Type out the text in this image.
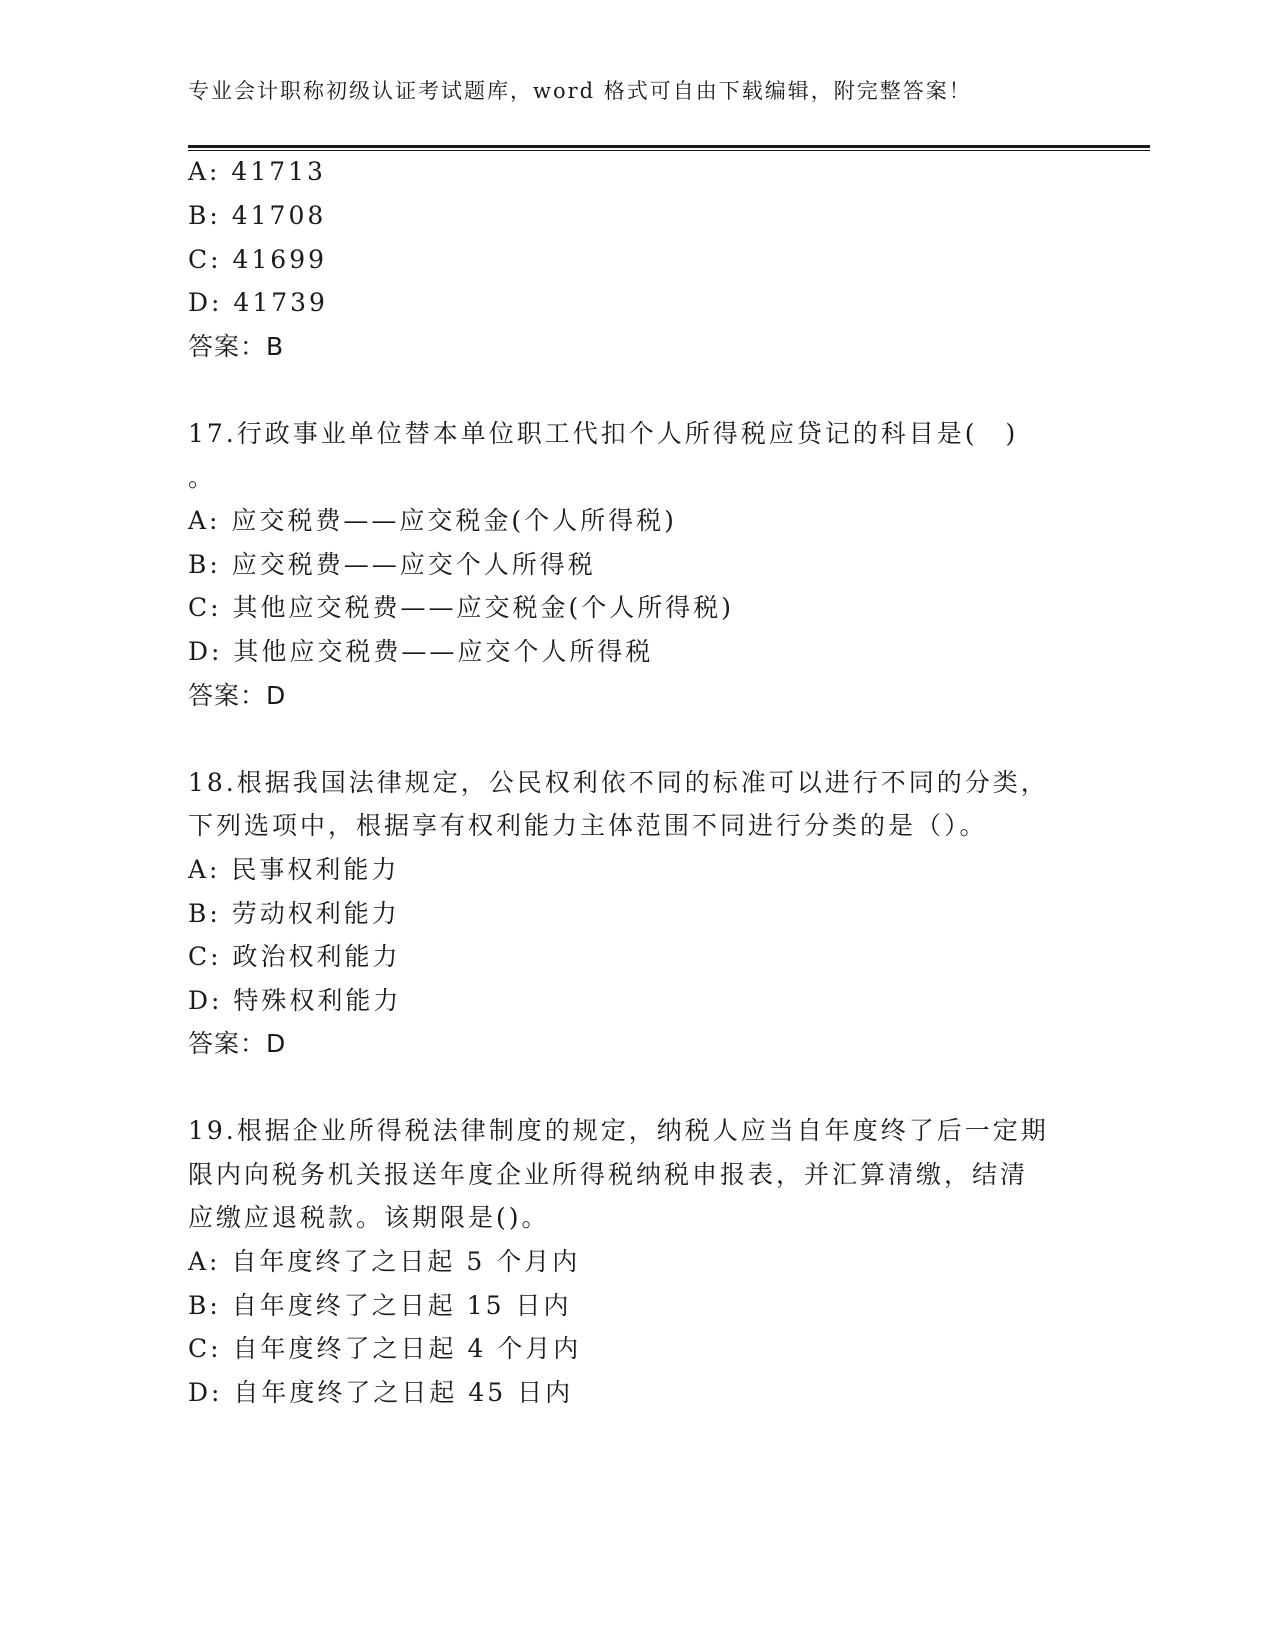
专业会计职称初级认证考试题库，word 格式可自由下载编辑，附完整答案！
A: 41713
B: 41708
C: 41699
D: 41739
答案：B
17.行政事业单位替本单位职工代扣个人所得税应贷记的科目是(　)
。
A: 应交税费——应交税金(个人所得税)
B: 应交税费——应交个人所得税
C: 其他应交税费——应交税金(个人所得税)
D: 其他应交税费——应交个人所得税
答案：D
18.根据我国法律规定，公民权利依不同的标准可以进行不同的分类，
下列选项中，根据享有权利能力主体范围不同进行分类的是（）。
A: 民事权利能力
B: 劳动权利能力
C: 政治权利能力
D: 特殊权利能力
答案：D
19.根据企业所得税法律制度的规定，纳税人应当自年度终了后一定期
限内向税务机关报送年度企业所得税纳税申报表，并汇算清缴，结清
应缴应退税款。该期限是()。
A: 自年度终了之日起 5 个月内
B: 自年度终了之日起 15 日内
C: 自年度终了之日起 4 个月内
D: 自年度终了之日起 45 日内
